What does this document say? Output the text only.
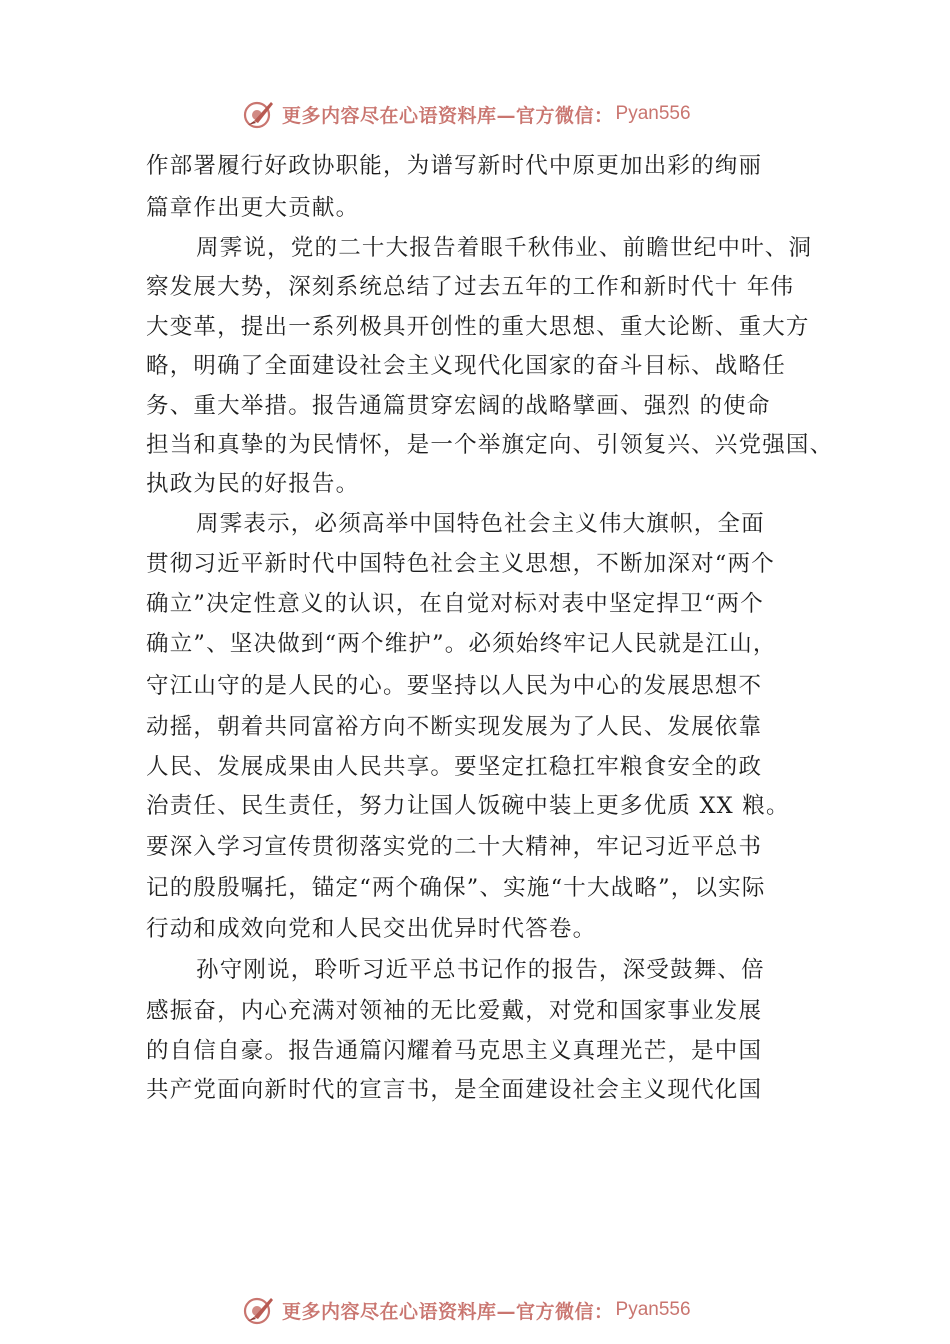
更多内容尽在心语资料库—官方微信： Pyan556
作部署履行好政协职能，为谱写新时代中原更加出彩的绚丽
篇章作出更大贡献。
周霁说，党的二十大报告着眼千秋伟业、前瞻世纪中叶、洞
察发展大势，深刻系统总结了过去五年的工作和新时代十 年伟
大变革，提出一系列极具开创性的重大思想、重大论断、重大方
略，明确了全面建设社会主义现代化国家的奋斗目标、战略任
务、重大举措。报告通篇贯穿宏阔的战略擘画、强烈 的使命
担当和真挚的为民情怀，是一个举旗定向、引领复兴、兴党强国、
执政为民的好报告。
周霁表示，必须高举中国特色社会主义伟大旗帜，全面
贯彻习近平新时代中国特色社会主义思想，不断加深对“两个
确立”决定性意义的认识，在自觉对标对表中坚定捍卫“两个
确立”、坚决做到“两个维护”。必须始终牢记人民就是江山，
守江山守的是人民的心。要坚持以人民为中心的发展思想不
动摇，朝着共同富裕方向不断实现发展为了人民、发展依靠
人民、发展成果由人民共享。要坚定扛稳扛牢粮食安全的政
治责任、民生责任，努力让国人饭碗中装上更多优质 XX 粮。
要深入学习宣传贯彻落实党的二十大精神，牢记习近平总书
记的殷殷嘱托，锚定“两个确保”、实施“十大战略”，以实际
行动和成效向党和人民交出优异时代答卷。
孙守刚说，聆听习近平总书记作的报告，深受鼓舞、倍
感振奋，内心充满对领袖的无比爱戴，对党和国家事业发展
的自信自豪。报告通篇闪耀着马克思主义真理光芒，是中国
共产党面向新时代的宣言书，是全面建设社会主义现代化国
更多内容尽在心语资料库—官方微信： Pyan556
